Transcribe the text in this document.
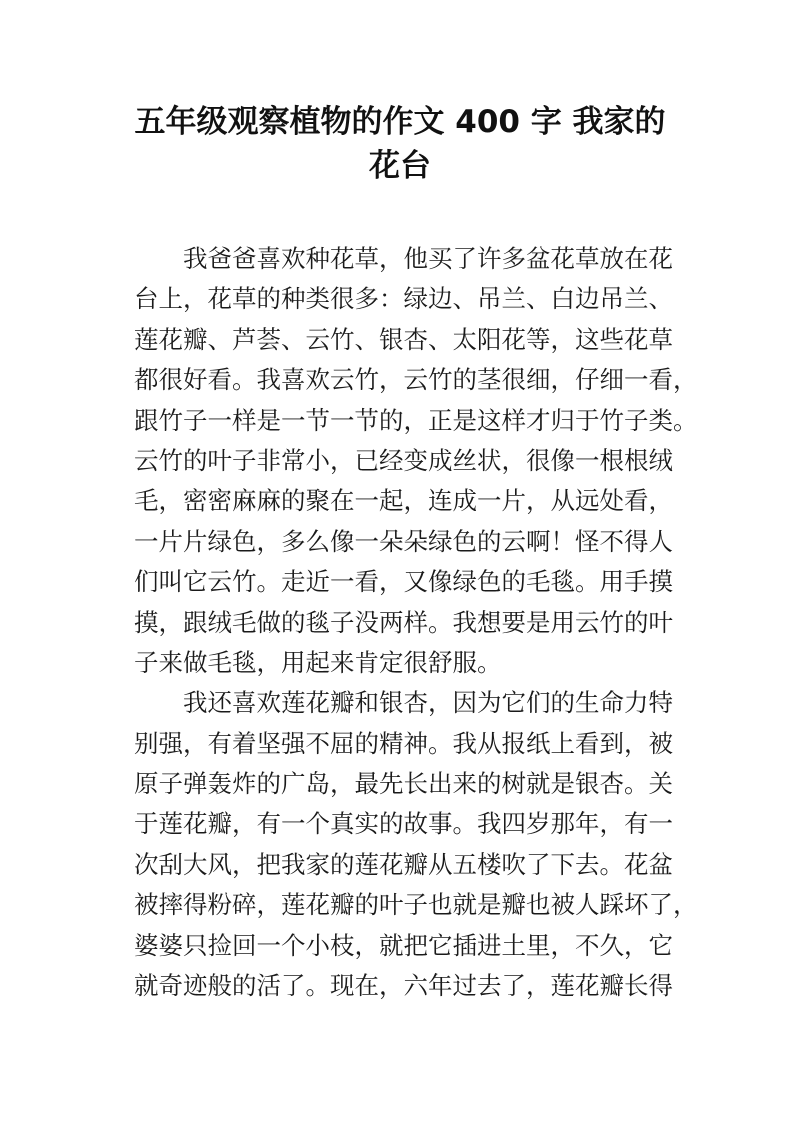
五年级观察植物的作文 400 字 我家的
花台
我爸爸喜欢种花草，他买了许多盆花草放在花
台上，花草的种类很多：绿边、吊兰、白边吊兰、
莲花瓣、芦荟、云竹、银杏、太阳花等，这些花草
都很好看。我喜欢云竹，云竹的茎很细，仔细一看，
跟竹子一样是一节一节的，正是这样才归于竹子类。
云竹的叶子非常小，已经变成丝状，很像一根根绒
毛，密密麻麻的聚在一起，连成一片，从远处看，
一片片绿色，多么像一朵朵绿色的云啊！怪不得人
们叫它云竹。走近一看，又像绿色的毛毯。用手摸
摸，跟绒毛做的毯子没两样。我想要是用云竹的叶
子来做毛毯，用起来肯定很舒服。
我还喜欢莲花瓣和银杏，因为它们的生命力特
别强，有着坚强不屈的精神。我从报纸上看到，被
原子弹轰炸的广岛，最先长出来的树就是银杏。关
于莲花瓣，有一个真实的故事。我四岁那年，有一
次刮大风，把我家的莲花瓣从五楼吹了下去。花盆
被摔得粉碎，莲花瓣的叶子也就是瓣也被人踩坏了，
婆婆只捡回一个小枝，就把它插进土里，不久，它
就奇迹般的活了。现在，六年过去了，莲花瓣长得
